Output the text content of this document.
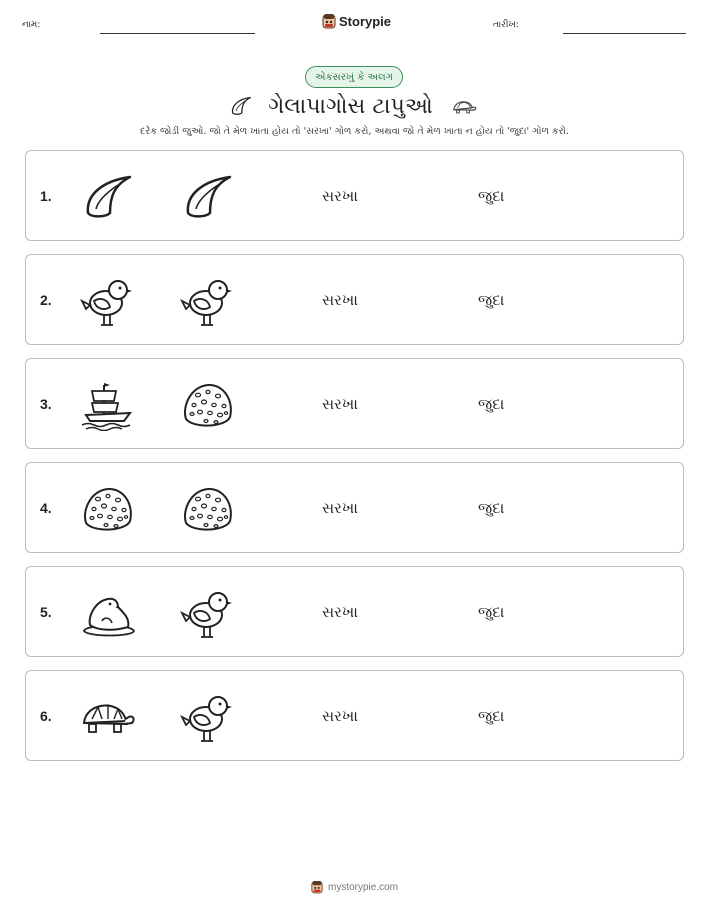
નામ:	Storypie	તારીખ:
એકસરખું કે અલગ
ગેલાપાગોસ ટાપુઓ
દરેક જોડી જુઓ. જો તે મેળ ખાતા હોય તો 'સરખા' ગોળ કરો, અથવા જો તે મેળ ખાતા ન હોય તો 'જુદા' ગોળ કરો.
1.	સરખા	જુદા
2.	સરખા	જુદા
3.	સરખા	જુદા
4.	સરખા	જુદા
5.	સરખા	જુદા
6.	સરખા	જુદા
mystorypie.com
